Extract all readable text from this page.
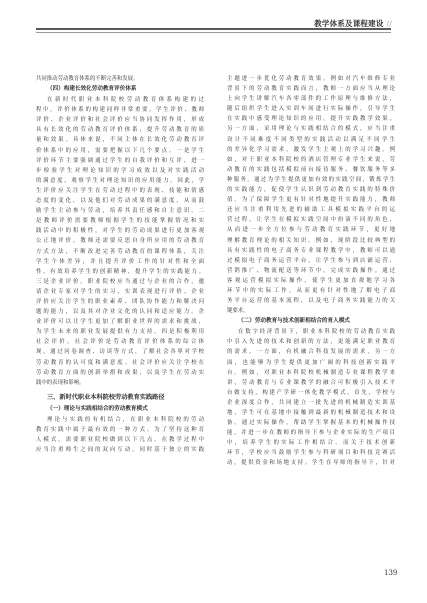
教学体系及课程建设 //
共同推动劳动教育体系的不断完善和发展。
（四）构建长效化劳动教育评价体系
在新时代职业本科院校劳动教育体系构建的过
程中，评价体系的构建同样非常重要。学生评价、教师
评价、企业评价和社会评价应当协同发挥作用，形成
具有长效化的劳动教育评价体系，提升劳动教育的质
量和效果。具体来说，不同主体在长效化劳动教育评
价体系中的应用，需要把握以下几个要点。一是学生
评价环节主要强调通过学生的自我评价和互评，进一
步检验学生对理论知识的学习成效以及对实践活动
的满意度，观察学生对理论知识的应用能力。因此，学
生评价应关注学生在劳动过程中的表现、技能和情感
态度的变化，以及他们对劳动成果的满意度，从而鼓
励学生主动参与劳动，培养其责任感和自主意识。二
是教师评价需要教师根据学生的技能掌握情况和实
践活动中的积极性，对学生的劳动成果进行更加客观
公正地评价。教师还需要反思自身所应用的劳动教育
方式方法，不断改进完善劳动教育的课程体系，关注
学生个体差异，并且提升评价工作的针对性和全面
性，有效培养学生的创新精神，提升学生的实践能力。
三是企业评价。职业院校应当通过与企业的合作，邀
请企业专家对学生的实习、实训表现进行评价。企业
评价应关注学生的职业素养、团队协作能力和解决问
题的能力，以及其对企业文化的认同和适应能力。企
业评价可以让学生更加了解职业世界的需求和挑战，
为学生未来的职业发展提供有力支持。四是积极利用
社会评价。社会评价是劳动教育评价体系的综合体
现，通过问卷调查、访谈等方式，了解社会各界对学校
劳动教育的认可度和满意度。社会评价应关注学校在
劳动教育方面的创新举措和成果，以及学生在劳动实
践中的表现和影响。
三、新时代职业本科院校劳动教育实践路径
（一）理论与实践相结合的劳动教育模式
理论与实践的有机结合，在职业本科院校的劳动
教育实践中属于最有效的一种方式。为了坚持这种育
人模式，需要职业院校做到以下几点。在教学过程中
应当注重师生之间的双向互动，同时基于独立的实践
主题进一步优化劳动教育效果。例如对汽车维修专业
背景下的劳动教育实践而言，教师一方面应当从理论
上向学生讲解汽车各零部件的工作原理与维修方法，
随后组织学生进入实训车间进行实际操作，引导学生
在实践中感受理论知识的应用，提升实践教学效果。
另一方面，采用理论与实践相结合的模式，应当注重
设计不同难度不同类型的实践活动以满足不同学生
的差异化学习需求，激发学生主观上的学习兴趣。例
如，对于职业本科院校的酒店管理专业学生来说，劳
动教育的实践包括模拟前台接待服务、餐饮服务等多
种服务。通过为学生提供更加有效的实践空间，锻炼学生
的实践能力，促使学生认识到劳动教育实践的特殊价
值。为了保障学生更有针对性地提升实践能力，教师
还应当注重利用先进的辅助工具模拟实践平台的运
营过程，让学生在模拟实践空间中扮演不同的角色，
从而进一步全方位参与劳动教育实践环节，更好地
理解教育理论的相关知识。例如，现阶段比较典型的
具有实践性的电子商务专业课程教学中，教师可以通
过模拟电子商务运营平台，让学生参与到店铺运营、
营销推广、物流配送等环节中，完成实践操作。通过
客观运营模拟实际操作，使学生更加直观地学习各
环节中的实际工作，从而更有针对性地了解电子商
务平台运营的基本流程，以及电子商务实践能力的关
键要求。
（二）劳动教育与技术创新相结合的育人模式
在数字经济背景下，职业本科院校的劳动教育实践
中引入先进的技术和创新的方法，更能满足职业教育
的需求。一方面，有机融合科技发展的需求，另一方
面，也能够为学生提供更加广阔的科技创新实践平
台。例如，对职业本科院校机械制造专业课程教学来
讲，劳动教育与专业课教学的融合可积极引入技术平
台做支持，构建产学研一体化教学模式，首先，学校与
企业深度合作，共同建立一批先进的机械制造实训基
地，学生可在基地中接触到最新的机械制造技术和设
备。通过实际操作，帮助学生掌握基本的机械操作技
能，并进一步在教师的指导下参与企业实际的生产项目
中，培养学生的实际工作相结合。而关于技术创新
环节，学校应当鼓励学生参与科研项目和科技竞赛活
动，提供资金和场地支持。学生在导师的指导下，针对
139
